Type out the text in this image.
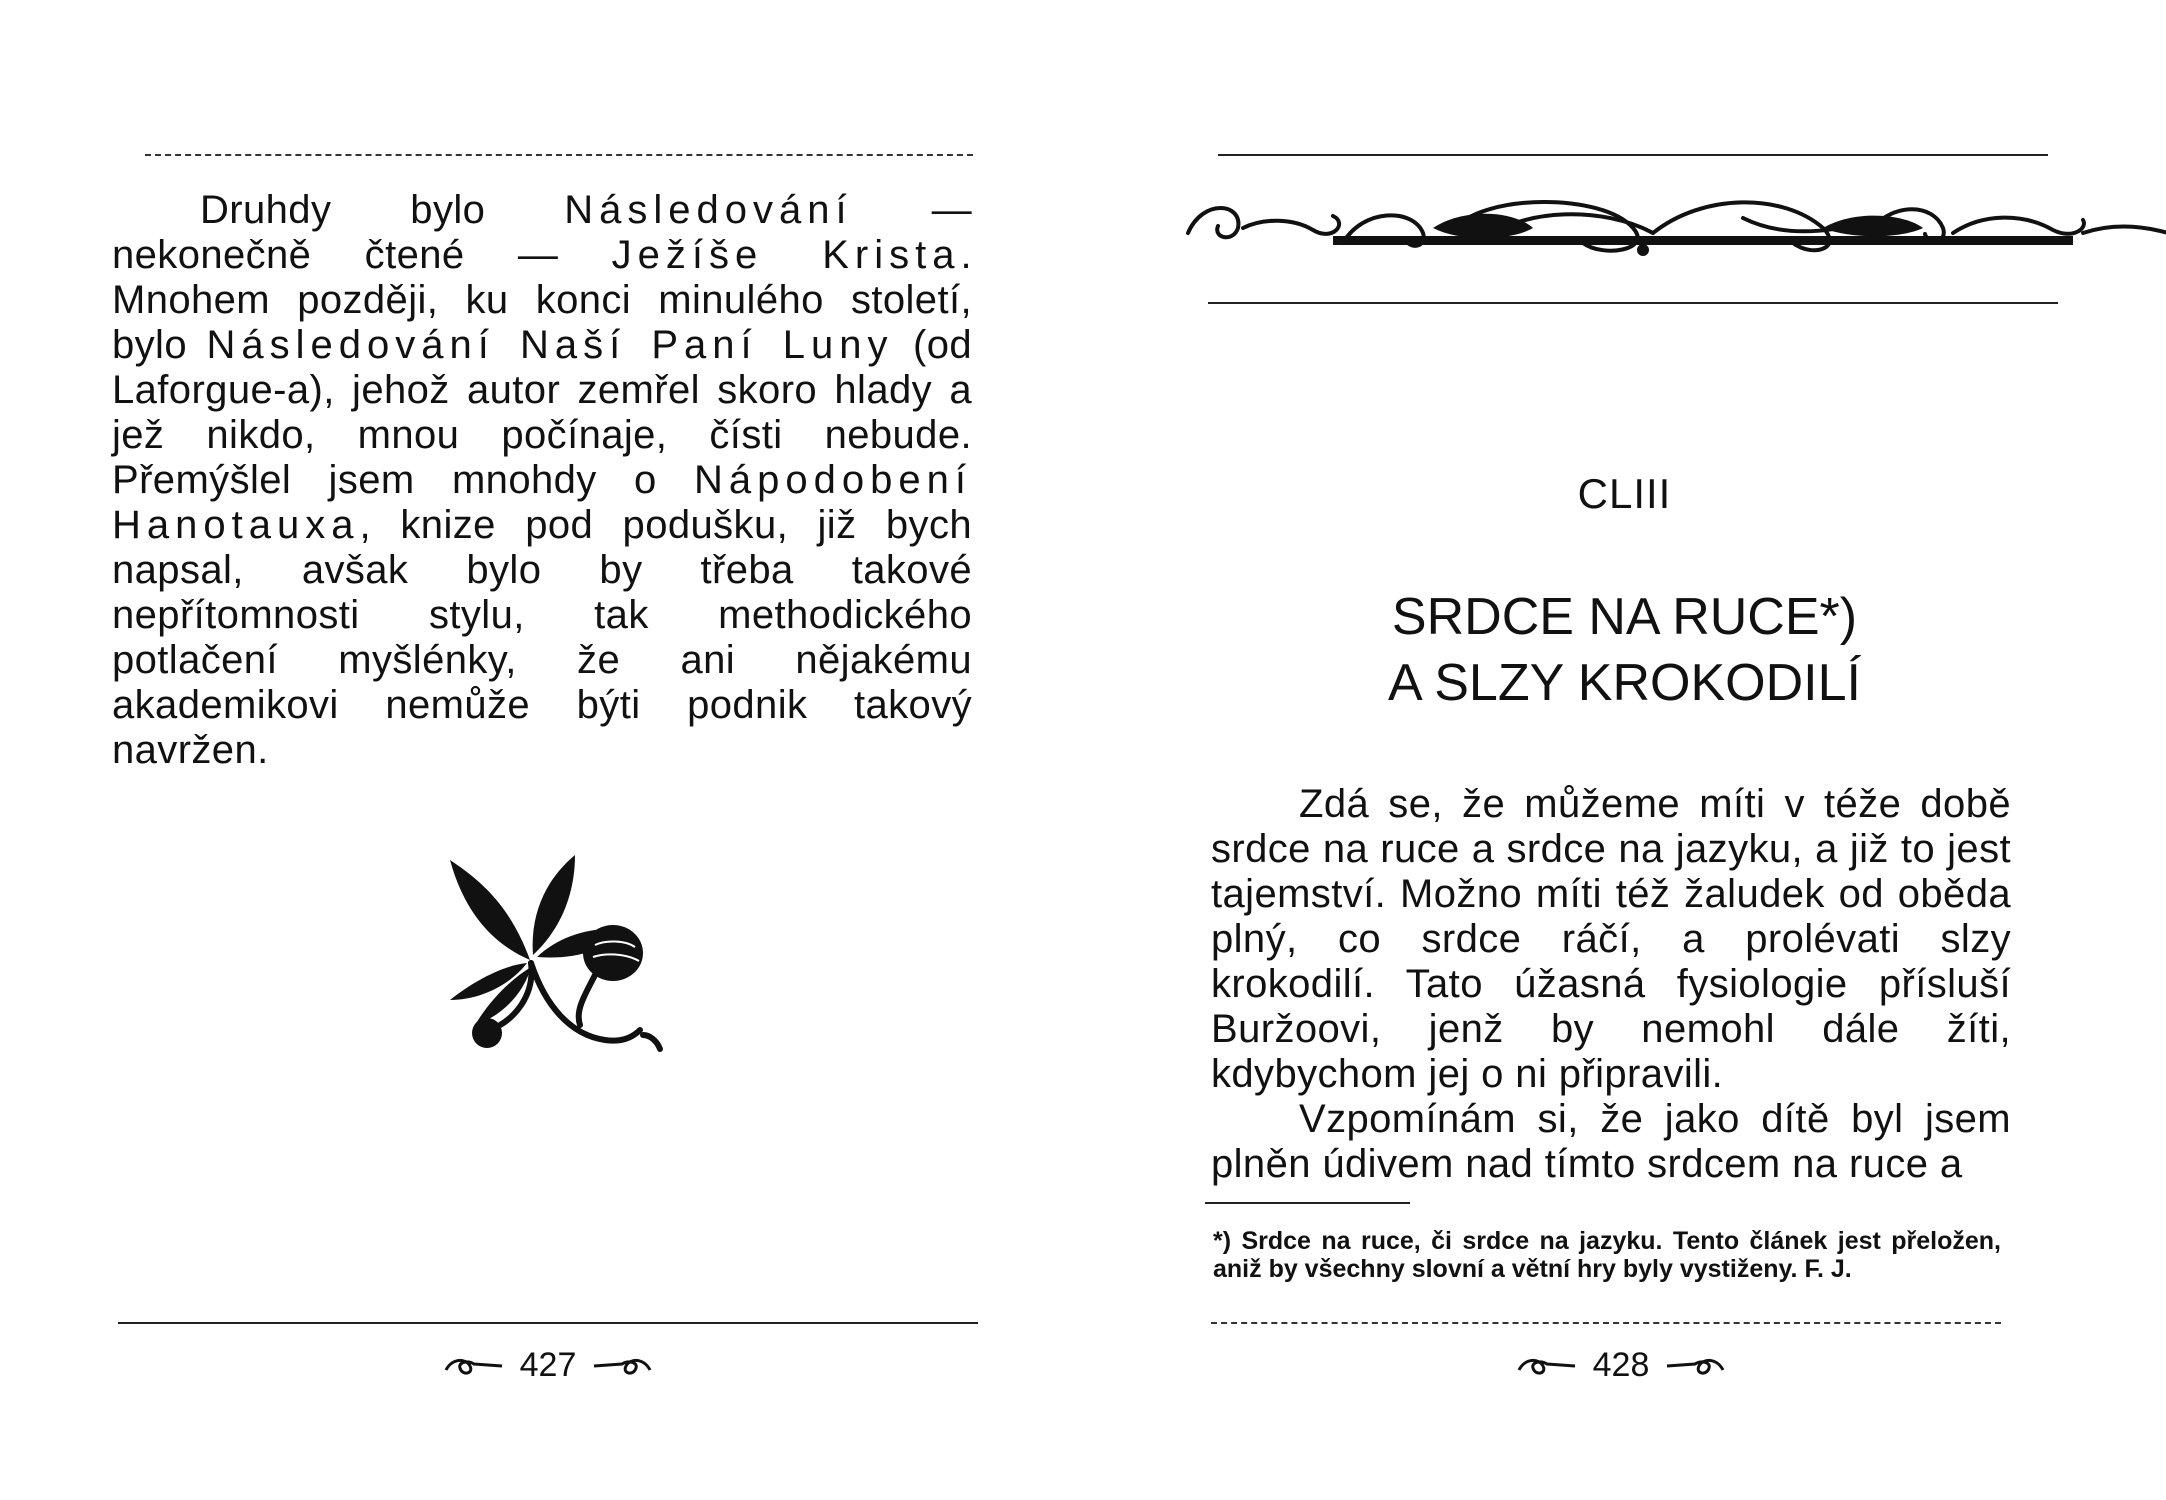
Druhdy bylo Následování — nekonečně čtené — Ježíše Krista. Mnohem později, ku konci minulého století, bylo Následování Naší Paní Luny (od Laforgue-a), jehož autor zemřel skoro hlady a jež nikdo, mnou počínaje, čísti nebude. Přemýšlel jsem mnohdy o Nápodobení Hanotauxa, knize pod podušku, již bych napsal, avšak bylo by třeba takové nepřítomnosti stylu, tak methodického potlačení myšlénky, že ani nějakému akademikovi nemůže býti podnik takový navržen.

427
CLIII
SRDCE NA RUCE*)
A SLZY KROKODILÍ

Zdá se, že můžeme míti v téže době srdce na ruce a srdce na jazyku, a již to jest tajemství. Možno míti též žaludek od oběda plný, co srdce ráčí, a prolévati slzy krokodilí. Tato úžasná fysiologie přísluší Buržoovi, jenž by nemohl dále žíti, kdybychom jej o ni připravili.

Vzpomínám si, že jako dítě byl jsem plněn údivem nad tímto srdcem na ruce a

*) Srdce na ruce, či srdce na jazyku. Tento článek jest přeložen, aniž by všechny slovní a větní hry byly vystiženy. F. J.
428
